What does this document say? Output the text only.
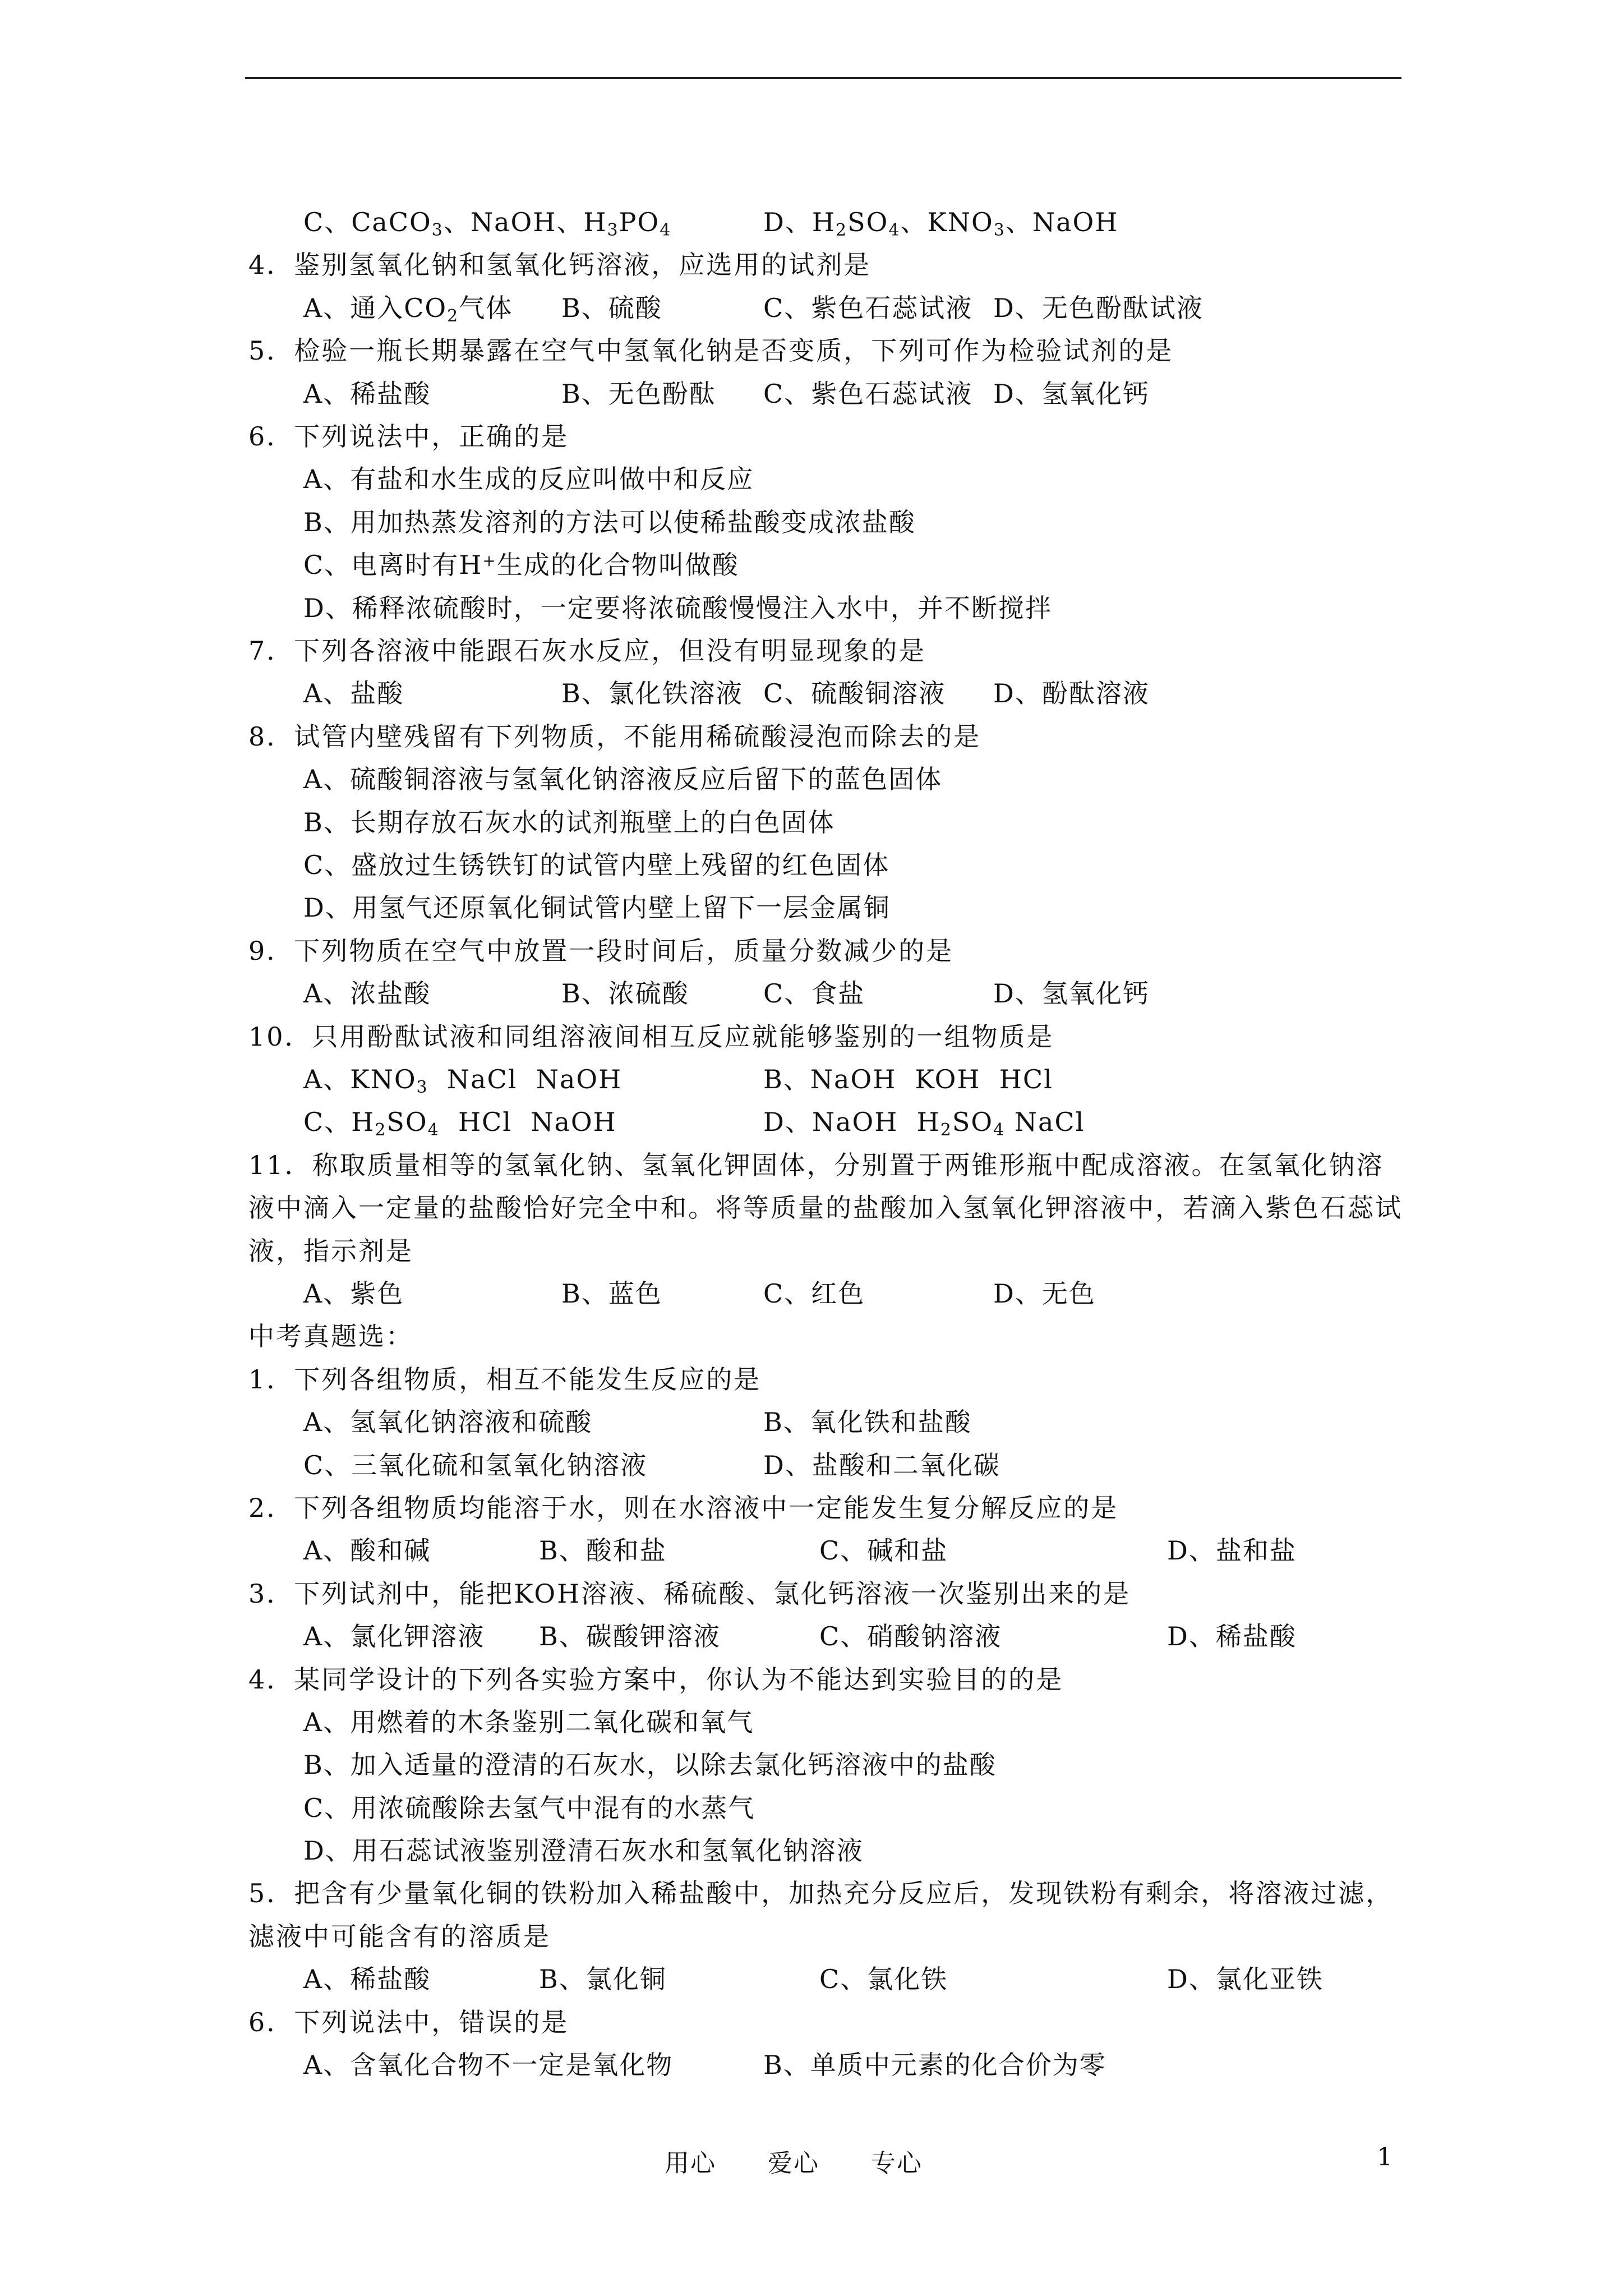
C、CaCO$_3$、NaOH、$H_3PO_4$	D、$H_2SO_4$、$KNO_3$、NaOH
4．鉴别氢氧化钠和氢氧化钙溶液，应选用的试剂是
A、通入$CO_2$气体 B、硫酸	C、紫色石蕊试液 D、无色酚酞试液
5．检验一瓶长期暴露在空气中氢氧化钠是否变质，下列可作为检验试剂的是
A、稀盐酸	B、无色酚酞 C、紫色石蕊试液 D、氢氧化钙
6．下列说法中，正确的是
A、有盐和水生成的反应叫做中和反应
B、用加热蒸发溶剂的方法可以使稀盐酸变成浓盐酸
C、电离时有H+生成的化合物叫做酸
D、稀释浓硫酸时，一定要将浓硫酸慢慢注入水中，并不断搅拌
7．下列各溶液中能跟石灰水反应，但没有明显现象的是
A、盐酸	B、氯化铁溶液 C、硫酸铜溶液 D、酚酞溶液
8．试管内壁残留有下列物质，不能用稀硫酸浸泡而除去的是
A、硫酸铜溶液与氢氧化钠溶液反应后留下的蓝色固体
B、长期存放石灰水的试剂瓶壁上的白色固体
C、盛放过生锈铁钉的试管内壁上残留的红色固体
D、用氢气还原氧化铜试管内壁上留下一层金属铜
9．下列物质在空气中放置一段时间后，质量分数减少的是
A、浓盐酸	B、浓硫酸	C、食盐	D、氢氧化钙
10．只用酚酞试液和同组溶液间相互反应就能够鉴别的一组物质是
A、$KNO_3$  NaCl  NaOH	B、NaOH  KOH  HCl
C、$H_2SO_4$  HCl  NaOH	D、NaOH  $H_2SO_4$ NaCl
11．称取质量相等的氢氧化钠、氢氧化钾固体，分别置于两锥形瓶中配成溶液。在氢氧化钠溶液中滴入一定量的盐酸恰好完全中和。将等质量的盐酸加入氢氧化钾溶液中，若滴入紫色石蕊试液，指示剂是
A、紫色	B、蓝色	C、红色	D、无色
中考真题选：
1．下列各组物质，相互不能发生反应的是
A、氢氧化钠溶液和硫酸	B、氧化铁和盐酸
C、三氧化硫和氢氧化钠溶液	D、盐酸和二氧化碳
2．下列各组物质均能溶于水，则在水溶液中一定能发生复分解反应的是
A、酸和碱	B、酸和盐	C、碱和盐	D、盐和盐
3．下列试剂中，能把KOH溶液、稀硫酸、氯化钙溶液一次鉴别出来的是
A、氯化钾溶液 B、碳酸钾溶液	C、硝酸钠溶液	D、稀盐酸
4．某同学设计的下列各实验方案中，你认为不能达到实验目的的是
A、用燃着的木条鉴别二氧化碳和氧气
B、加入适量的澄清的石灰水，以除去氯化钙溶液中的盐酸
C、用浓硫酸除去氢气中混有的水蒸气
D、用石蕊试液鉴别澄清石灰水和氢氧化钠溶液
5．把含有少量氧化铜的铁粉加入稀盐酸中，加热充分反应后，发现铁粉有剩余，将溶液过滤，滤液中可能含有的溶质是
A、稀盐酸	B、氯化铜	C、氯化铁	D、氯化亚铁
6．下列说法中，错误的是
A、含氧化合物不一定是氧化物	B、单质中元素的化合价为零
用心　　爱心　　专心	1
